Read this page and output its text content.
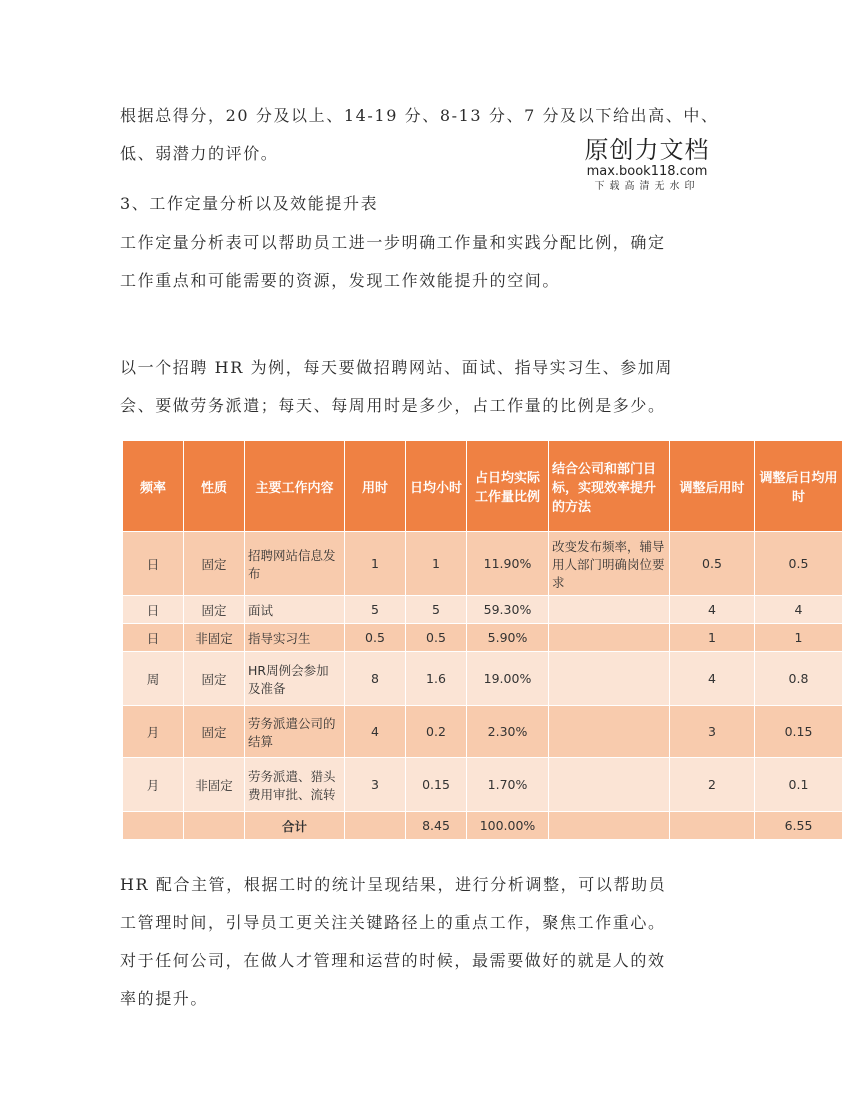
根据总得分，20 分及以上、14-19 分、8-13 分、7 分及以下给出高、中、
低、弱潜力的评价。	原创力文档
max.book118.com
下载高清无水印
3、工作定量分析以及效能提升表
工作定量分析表可以帮助员工进一步明确工作量和实践分配比例，确定
工作重点和可能需要的资源，发现工作效能提升的空间。
以一个招聘 HR 为例，每天要做招聘网站、面试、指导实习生、参加周
会、要做劳务派遣；每天、每周用时是多少，占工作量的比例是多少。
频率	性质	主要工作内容	用时	日均小时	占日均实际工作量比例	结合公司和部门目标，实现效率提升的方法	调整后用时	调整后日均用时
日	固定	招聘网站信息发布	1	1	11.90%	改变发布频率，辅导用人部门明确岗位要求	0.5	0.5
日	固定	面试	5	5	59.30%		4	4
日	非固定	指导实习生	0.5	0.5	5.90%		1	1
周	固定	HR周例会参加及准备	8	1.6	19.00%		4	0.8
月	固定	劳务派遣公司的结算	4	0.2	2.30%		3	0.15
月	非固定	劳务派遣、猎头费用审批、流转	3	0.15	1.70%		2	0.1
		合计		8.45	100.00%			6.55
HR 配合主管，根据工时的统计呈现结果，进行分析调整，可以帮助员
工管理时间，引导员工更关注关键路径上的重点工作，聚焦工作重心。
对于任何公司，在做人才管理和运营的时候，最需要做好的就是人的效
率的提升。
